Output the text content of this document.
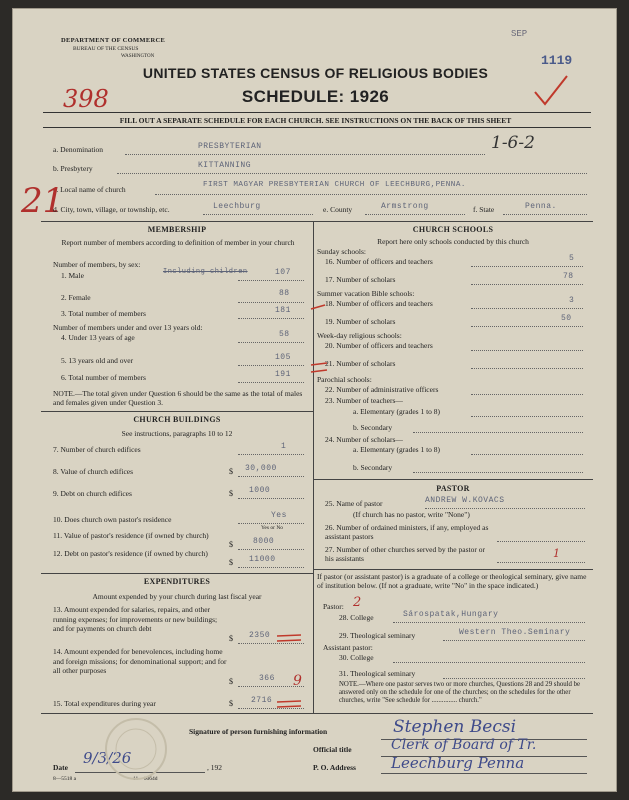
DEPARTMENT OF COMMERCE
BUREAU OF THE CENSUS
WASHINGTON
SEP
1119
UNITED STATES CENSUS OF RELIGIOUS BODIES
SCHEDULE: 1926
398
FILL OUT A SEPARATE SCHEDULE FOR EACH CHURCH. SEE INSTRUCTIONS ON THE BACK OF THIS SHEET
a. Denomination	PRESBYTERIAN	1-6-2
b. Presbytery	KITTANNING
c. Local name of church	FIRST MAGYAR PRESBYTERIAN CHURCH OF LEECHBURG,PENNA.
21
d. City, town, village, or township, etc.	Leechburg	e. County	Armstrong	f. State	Penna.
MEMBERSHIP
Report number of members according to definition of member in your church
Number of members, by sex:
1. Male	Including children	107
2. Female	88
3. Total number of members	181
Number of members under and over 13 years old:
4. Under 13 years of age	58
5. 13 years old and over	105
6. Total number of members	191
NOTE.—The total given under Question 6 should be the same as the total of males and females given under Question 3.
CHURCH BUILDINGS
See instructions, paragraphs 10 to 12
7. Number of church edifices	1
8. Value of church edifices	$ 30,000
9. Debt on church edifices	$ 1000
10. Does church own pastor's residence	Yes
Yes or No
11. Value of pastor's residence (if owned by church)
$	8000
12. Debt on pastor's residence (if owned by church)
$ 11000
EXPENDITURES
Amount expended by your church during last fiscal year
13. Amount expended for salaries, repairs, and other running expenses; for improvements or new buildings; and for payments on church debt
$ 2350
14. Amount expended for benevolences, including home and foreign missions; for denominational support; and for all other purposes
$	366 9
15. Total expenditures during year	$ 2716
CHURCH SCHOOLS
Report here only schools conducted by this church
Sunday schools:
16. Number of officers and teachers	5
17. Number of scholars	78
Summer vacation Bible schools:
18. Number of officers and teachers	3
19. Number of scholars	50
Week-day religious schools:
20. Number of officers and teachers
21. Number of scholars
Parochial schools:
22. Number of administrative officers
23. Number of teachers—
a. Elementary (grades 1 to 8)
b. Secondary
24. Number of scholars—
a. Elementary (grades 1 to 8)
b. Secondary
PASTOR
25. Name of pastor	ANDREW W.KOVACS
(If church has no pastor, write "None")
26. Number of ordained ministers, if any, employed as assistant pastors
27. Number of other churches served by the pastor or his assistants	1
If pastor (or assistant pastor) is a graduate of a college or theological seminary, give name of institution below. (If not a graduate, write "No" in the space indicated.)
Pastor: 2
28. College	Sárospatak,Hungary
29. Theological seminary	Western Theo.Seminary
Assistant pastor:
30. College
31. Theological seminary
NOTE.—Where one pastor serves two or more churches, Questions 28 and 29 should be answered only on the schedule for one of the churches; on the schedules for the other churches, write "See schedule for ............... church."
Signature of person furnishing information	Stephen Becsi
Official title	Clerk of Board of Tr.
Date
9/3/26
, 192	P. O. Address Leechburg Penna
8—5518 a	11—6064d
